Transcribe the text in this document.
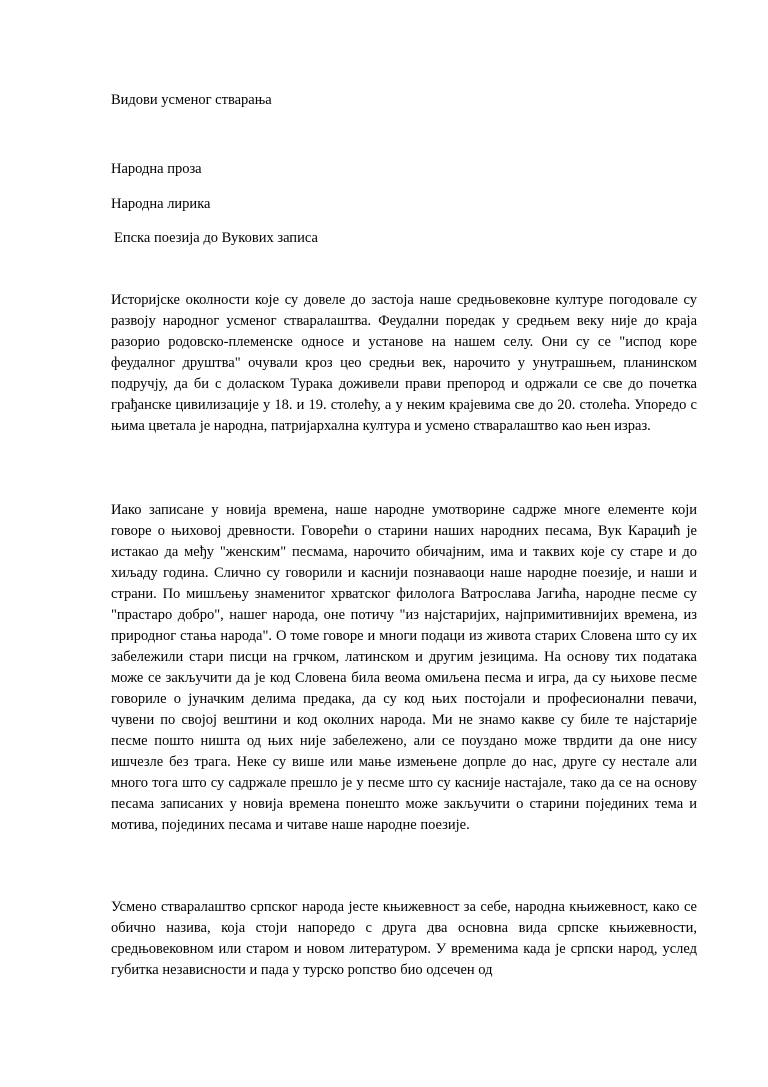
Видови усменог стварања

Народна проза

Народна лирика

Епска поезија до Вукових записа

Историјске околности које су довеле до застоја наше средњовековне културе погодовале су развоју народног усменог стваралаштва. Феудални поредак у средњем веку није до краја разорио родовско-племенске односе и установе на нашем селу. Они су се "испод коре феудалног друштва" очували кроз цео средњи век, нарочито у унутрашњем, планинском подручју, да би с доласком Турака доживели прави препород и одржали се све до почетка грађанске цивилизације у 18. и 19. столећу, а у неким крајевима све до 20. столећа. Упоредо с њима цветала је народна, патријархална култура и усмено стваралаштво као њен израз.

Иако записане у новија времена, наше народне умотворине садрже многе елементе који говоре о њиховој древности. Говорећи о старини наших народних песама, Вук Караџић је истакао да међу "женским" песмама, нарочито обичајним, има и таквих које су старе и до хиљаду година. Слично су говорили и каснији познаваоци наше народне поезије, и наши и страни. По мишљењу знаменитог хрватског филолога Ватрослава Јагића, народне песме су "прастаро добро", нашег народа, оне потичу "из најстаријих, најпримитивнијих времена, из природног стања народа". О томе говоре и многи подаци из живота старих Словена што су их забележили стари писци на грчком, латинском и другим језицима. На основу тих података може се закључити да је код Словена била веома омиљена песма и игра, да су њихове песме говориле о јуначким делима предака, да су код њих постојали и професионални певачи, чувени по својој вештини и код околних народа. Ми не знамо какве су биле те најстарије песме пошто ништа од њих није забележено, али се поуздано може тврдити да оне нису ишчезле без трага. Неке су више или мање измењене допрле до нас, друге су нестале али много тога што су садржале прешло је у песме што су касније настајале, тако да се на основу песама записаних у новија времена понешто може закључити о старини појединих тема и мотива, појединих песама и читаве наше народне поезије.

Усмено стваралаштво српског народа јесте књижевност за себе, народна књижевност, како се обично назива, која стоји напоредо с друга два основна вида српске књижевности, средњовековном или старом и новом литературом. У временима када је српски народ, услед губитка независности и пада у турско ропство био одсечен од
